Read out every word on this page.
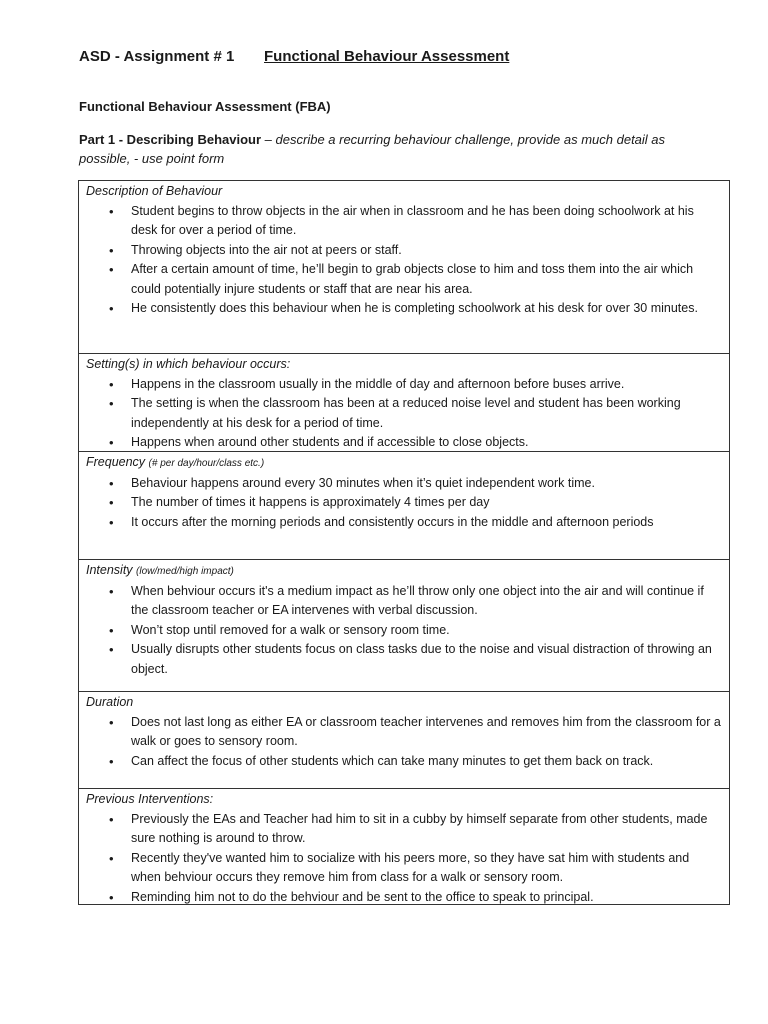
ASD - Assignment # 1 Functional Behaviour Assessment
Functional Behaviour Assessment (FBA)
Part 1 - Describing Behaviour – describe a recurring behaviour challenge, provide as much detail as possible, - use point form
Description of Behaviour
• Student begins to throw objects in the air when in classroom and he has been doing schoolwork at his desk for over a period of time.
• Throwing objects into the air not at peers or staff.
• After a certain amount of time, he’ll begin to grab objects close to him and toss them into the air which could potentially injure students or staff that are near his area.
• He consistently does this behaviour when he is completing schoolwork at his desk for over 30 minutes.

Setting(s) in which behaviour occurs:
• Happens in the classroom usually in the middle of day and afternoon before buses arrive.
• The setting is when the classroom has been at a reduced noise level and student has been working independently at his desk for a period of time.
• Happens when around other students and if accessible to close objects.

Frequency (# per day/hour/class etc.)
• Behaviour happens around every 30 minutes when it’s quiet independent work time.
• The number of times it happens is approximately 4 times per day
• It occurs after the morning periods and consistently occurs in the middle and afternoon periods

Intensity (low/med/high impact)
• When behviour occurs it's a medium impact as he’ll throw only one object into the air and will continue if the classroom teacher or EA intervenes with verbal discussion.
• Won’t stop until removed for a walk or sensory room time.
• Usually disrupts other students focus on class tasks due to the noise and visual distraction of throwing an object.

Duration
• Does not last long as either EA or classroom teacher intervenes and removes him from the classroom for a walk or goes to sensory room.
• Can affect the focus of other students which can take many minutes to get them back on track.

Previous Interventions:
• Previously the EAs and Teacher had him to sit in a cubby by himself separate from other students, made sure nothing is around to throw.
• Recently they've wanted him to socialize with his peers more, so they have sat him with students and when behviour occurs they remove him from class for a walk or sensory room.
• Reminding him not to do the behviour and be sent to the office to speak to principal.
